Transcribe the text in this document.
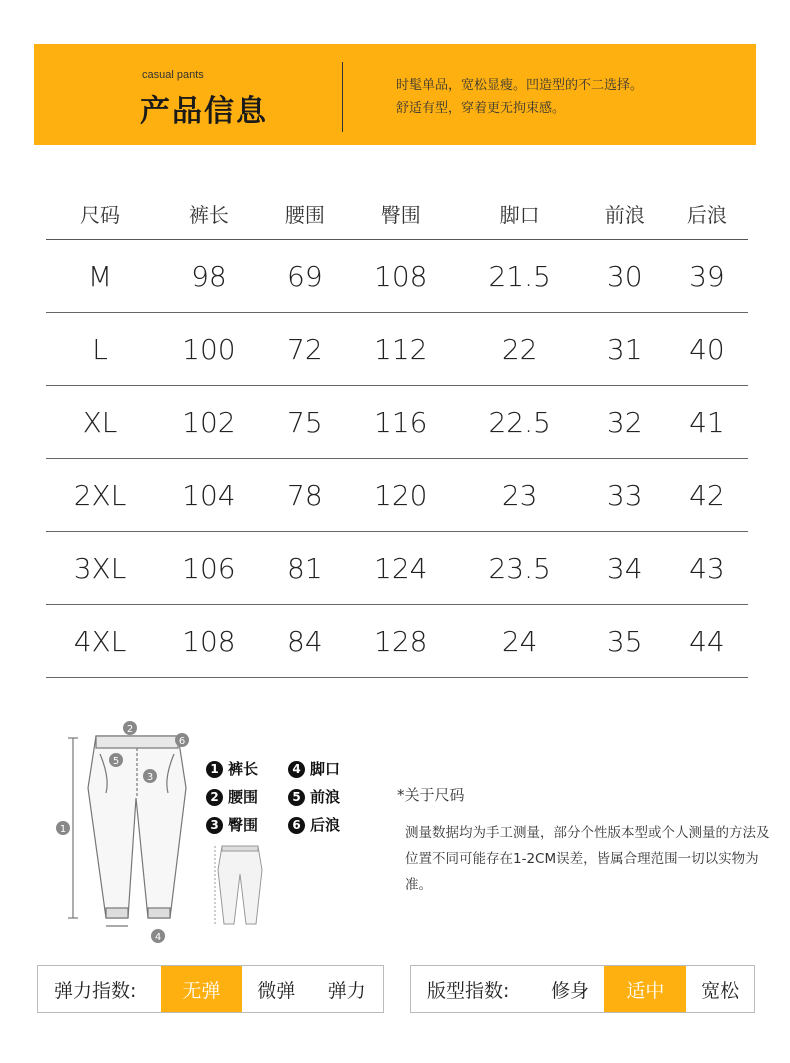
casual pants
产品信息
时髦单品，宽松显瘦。凹造型的不二选择。
舒适有型，穿着更无拘束感。
尺码	裤长	腰围	臀围	脚口	前浪	后浪
M	98	69	108	21.5	30	39
L	100	72	112	22	31	40
XL	102	75	116	22.5	32	41
2XL	104	78	120	23	33	42
3XL	106	81	124	23.5	34	43
4XL	108	84	128	24	35	44
1
2
3
4
5
6
1 裤长	4 脚口
2 腰围	5 前浪
3 臀围	6 后浪
*关于尺码
测量数据均为手工测量，部分个性版本型或个人测量的方法及位置不同可能存在1-2CM误差，皆属合理范围一切以实物为准。
弹力指数:	无弹	微弹	弹力	版型指数:	修身	适中	宽松
